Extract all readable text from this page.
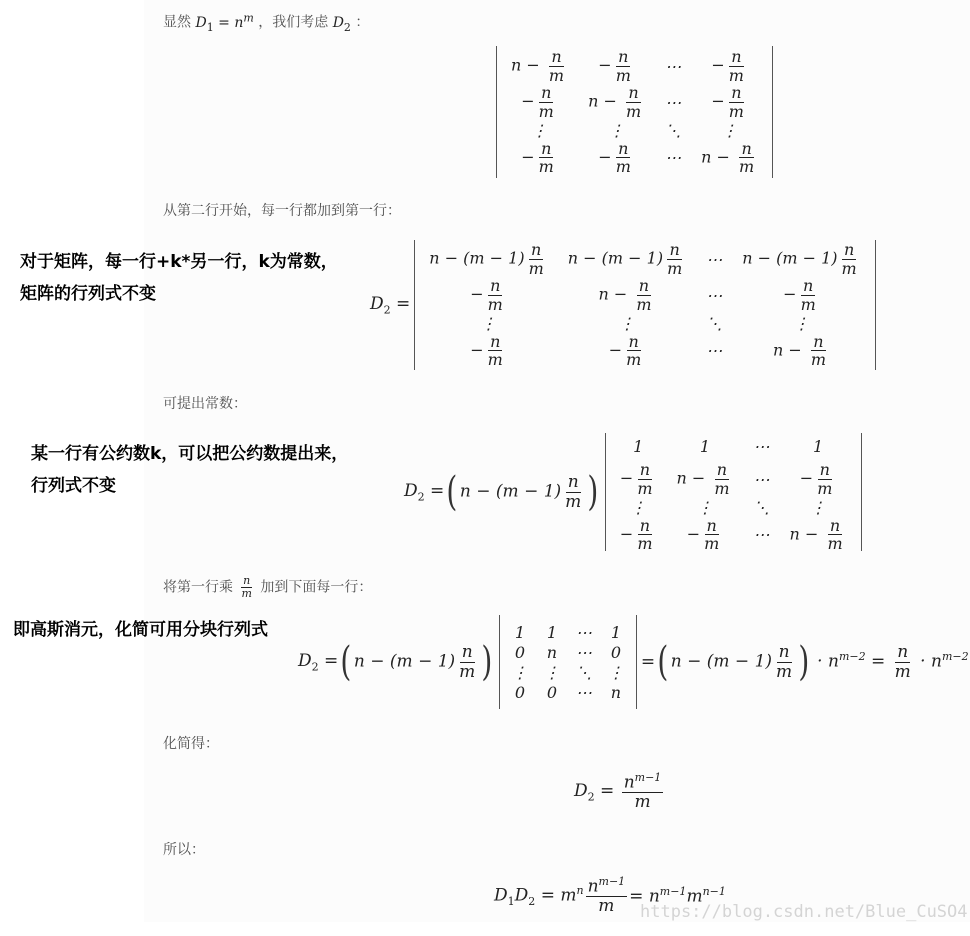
显然 $D_1 = n^m$ ，我们考虑 $D_2$ ：
$n - \frac{n}{m}$	− $\frac{n}{m}$	⋯	− $\frac{n}{m}$

− $\frac{n}{m}$	$n - \frac{n}{m}$	⋯	− $\frac{n}{m}$

⋮	⋮	⋱	⋮
− $\frac{n}{m}$	− $\frac{n}{m}$	⋯	$n - \frac{n}{m}$
从第二行开始，每一行都加到第一行：
对于矩阵，每一行+k*另一行，k为常数，
矩阵的行列式不变	$D_2$ =
$n - (m - 1) \frac{n}{m}$	$n - (m - 1) \frac{n}{m}$	⋯	$n - (m - 1) \frac{n}{m}$

− $\frac{n}{m}$	$n - \frac{n}{m}$	⋯	− $\frac{n}{m}$

⋮	⋮	⋱	⋮
− $\frac{n}{m}$	− $\frac{n}{m}$	⋯	$n - \frac{n}{m}$
可提出常数：
某一行有公约数k，可以把公约数提出来，
行列式不变	$D_2$ = ( $n - (m - 1) \frac{n}{m}$ )
1	1	⋯	1
− $\frac{n}{m}$	$n - \frac{n}{m}$	⋯	− $\frac{n}{m}$

⋮	⋮	⋱	⋮
− $\frac{n}{m}$	− $\frac{n}{m}$	⋯	$n - \frac{n}{m}$
将第一行乘 $\frac{n}{m}$ 加到下面每一行：
即高斯消元，化简可用分块行列式
$D_2$ = ( $n - (m - 1) \frac{n}{m}$ )
1	1	⋯	1
0	n	⋯	0
⋮	⋮	⋱	⋮
0	0	⋯	n
= ( $n - (m - 1) \frac{n}{m}$ ) · $n^{m-2} = \frac{n}{m} \cdot n^{m-2}$
化简得：
$D_2 = \frac{n^{m-1}}{m}$
所以：
$D_1D_2 = m^n \frac{n^{m-1}}{m} = n^{m-1}m^{n-1}$
https://blog.csdn.net/Blue_CuSO4
